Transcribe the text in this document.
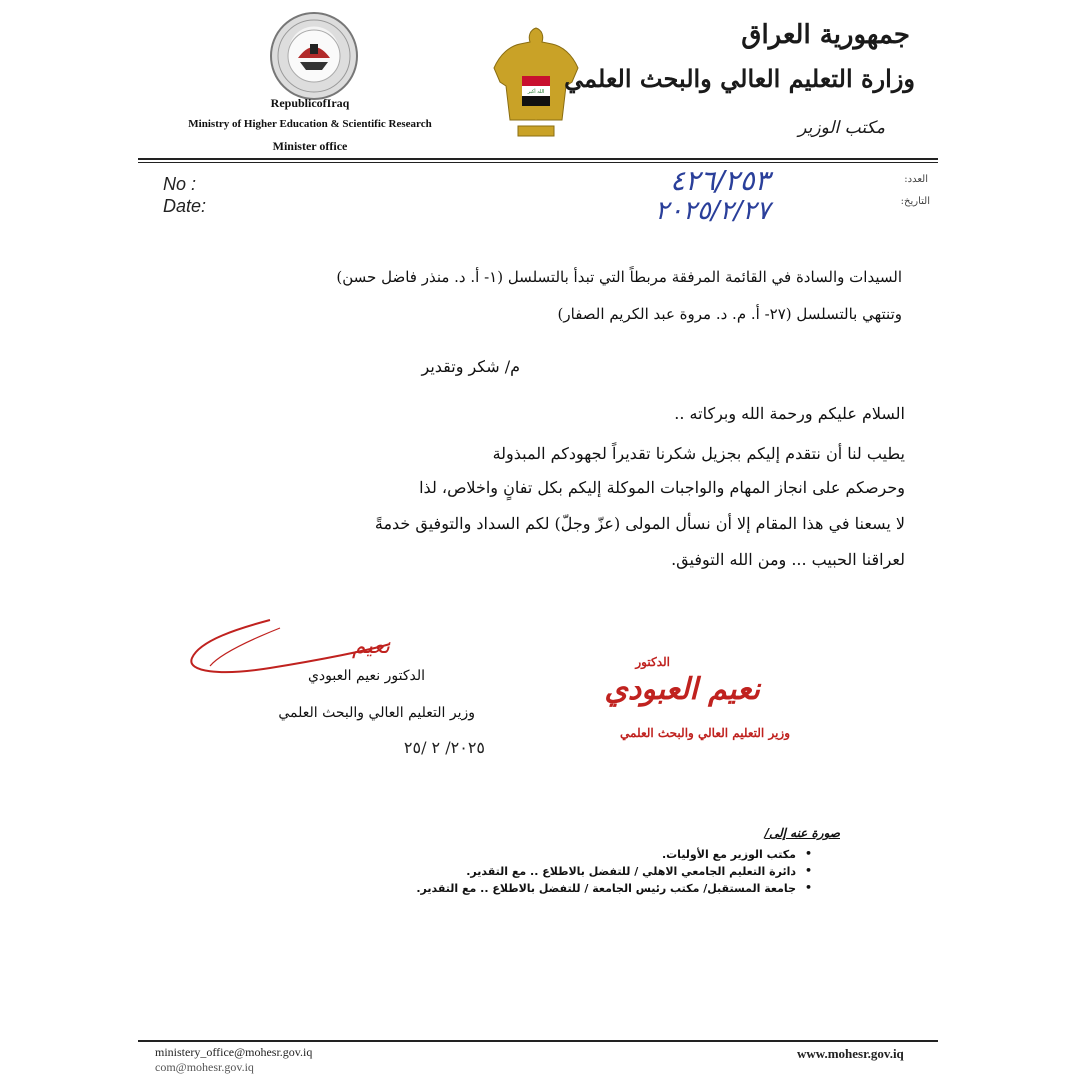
RepublicofIraq
Ministry of Higher Education & Scientific Research
Minister office
الله أكبر
جمهورية العراق
وزارة التعليم العالي والبحث العلمي
مكتب الوزير
No :
Date:
العدد:
التاريخ:
٤٢٦/٢٥٣
٢٠٢٥/٢/٢٧
السيدات والسادة في القائمة المرفقة مربطاً التي تبدأ بالتسلسل (١- أ. د. منذر فاضل حسن)
وتنتهي بالتسلسل (٢٧- أ. م. د. مروة عبد الكريم الصفار)
م/ شكر وتقدير
السلام عليكم ورحمة الله وبركاته ..
يطيب لنا أن نتقدم إليكم بجزيل شكرنا تقديراً لجهودكم المبذولة
وحرصكم على انجاز المهام والواجبات الموكلة إليكم بكل تفانٍ واخلاص، لذا
لا يسعنا في هذا المقام إلا أن نسأل المولى (عزّ وجلّ) لكم السداد والتوفيق خدمةً
لعراقنا الحبيب ... ومن الله التوفيق.
نعيم
الدكتور نعيم العبودي
وزير التعليم العالي والبحث العلمي
٢٠٢٥/ ٢ /٢٥
الدكتور
نعيم العبودي
وزير التعليم العالي والبحث العلمي
صورة عنه إلى/
• مكتب الوزير مع الأوليات.
• دائرة التعليم الجامعي الاهلي / للتفضل بالاطلاع .. مع التقدير.
• جامعة المستقبل/ مكتب رئيس الجامعة / للتفضل بالاطلاع .. مع التقدير.
ministery_office@mohesr.gov.iq
com@mohesr.gov.iq
www.mohesr.gov.iq
